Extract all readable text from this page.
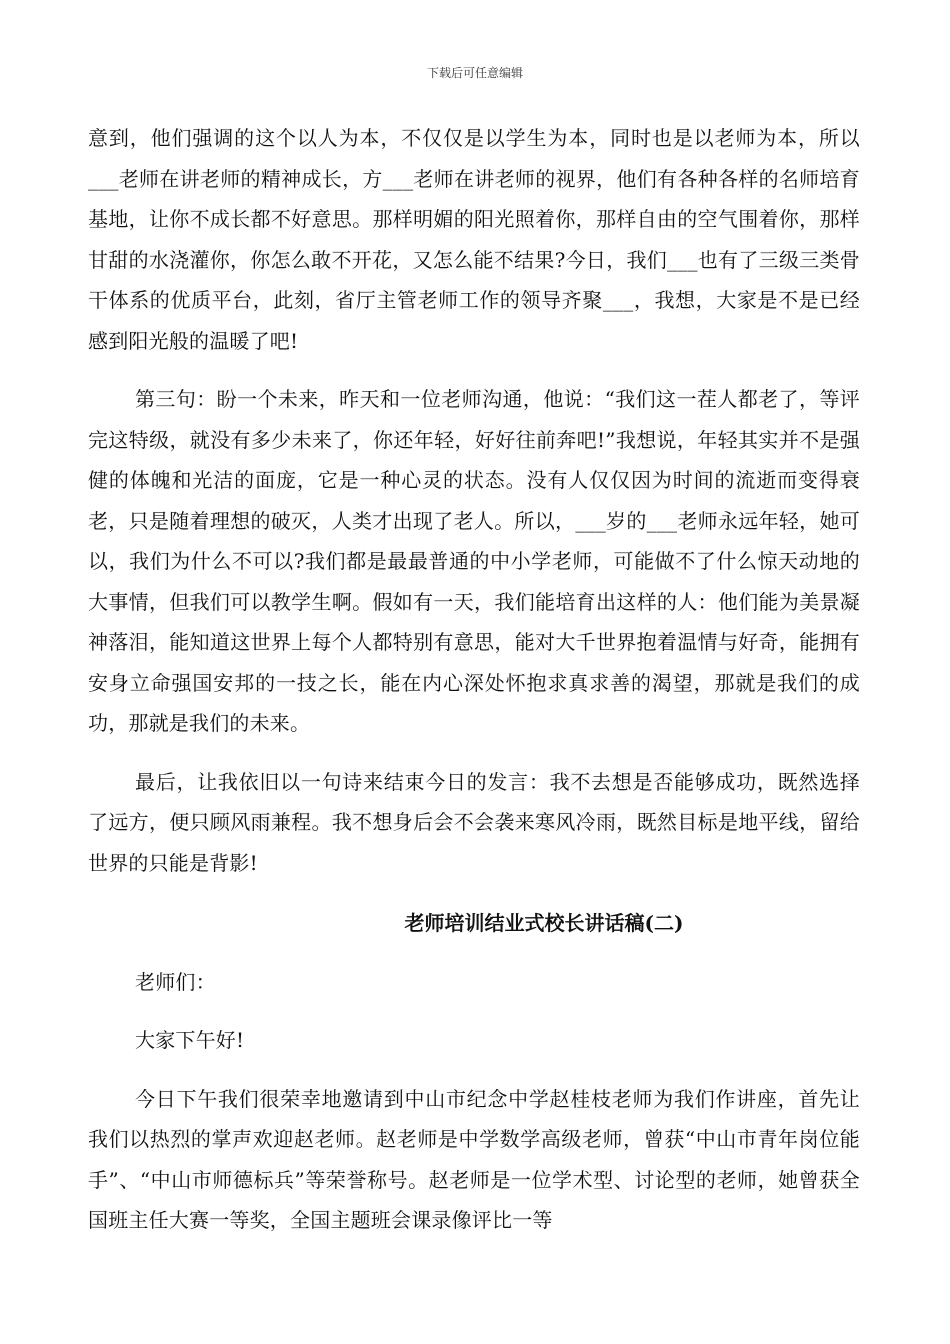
下载后可任意编辑

意到，他们强调的这个以人为本，不仅仅是以学生为本，同时也是以老师为本，所以___老师在讲老师的精神成长，方___老师在讲老师的视界，他们有各种各样的名师培育基地，让你不成长都不好意思。那样明媚的阳光照着你，那样自由的空气围着你，那样甘甜的水浇灌你，你怎么敢不开花，又怎么能不结果?今日，我们___也有了三级三类骨干体系的优质平台，此刻，省厅主管老师工作的领导齐聚___，我想，大家是不是已经感到阳光般的温暖了吧!

第三句：盼一个未来，昨天和一位老师沟通，他说：“我们这一茬人都老了，等评完这特级，就没有多少未来了，你还年轻，好好往前奔吧!”我想说，年轻其实并不是强健的体魄和光洁的面庞，它是一种心灵的状态。没有人仅仅因为时间的流逝而变得衰老，只是随着理想的破灭，人类才出现了老人。所以，___岁的___老师永远年轻，她可以，我们为什么不可以?我们都是最最普通的中小学老师，可能做不了什么惊天动地的大事情，但我们可以教学生啊。假如有一天，我们能培育出这样的人：他们能为美景凝神落泪，能知道这世界上每个人都特别有意思，能对大千世界抱着温情与好奇，能拥有安身立命强国安邦的一技之长，能在内心深处怀抱求真求善的渴望，那就是我们的成功，那就是我们的未来。

最后，让我依旧以一句诗来结束今日的发言：我不去想是否能够成功，既然选择了远方，便只顾风雨兼程。我不想身后会不会袭来寒风冷雨，既然目标是地平线，留给世界的只能是背影!

老师培训结业式校长讲话稿(二)

老师们：

大家下午好!

今日下午我们很荣幸地邀请到中山市纪念中学赵桂枝老师为我们作讲座，首先让我们以热烈的掌声欢迎赵老师。赵老师是中学数学高级老师，曾获“中山市青年岗位能手”、“中山市师德标兵”等荣誉称号。赵老师是一位学术型、讨论型的老师，她曾获全国班主任大赛一等奖，全国主题班会课录像评比一等
